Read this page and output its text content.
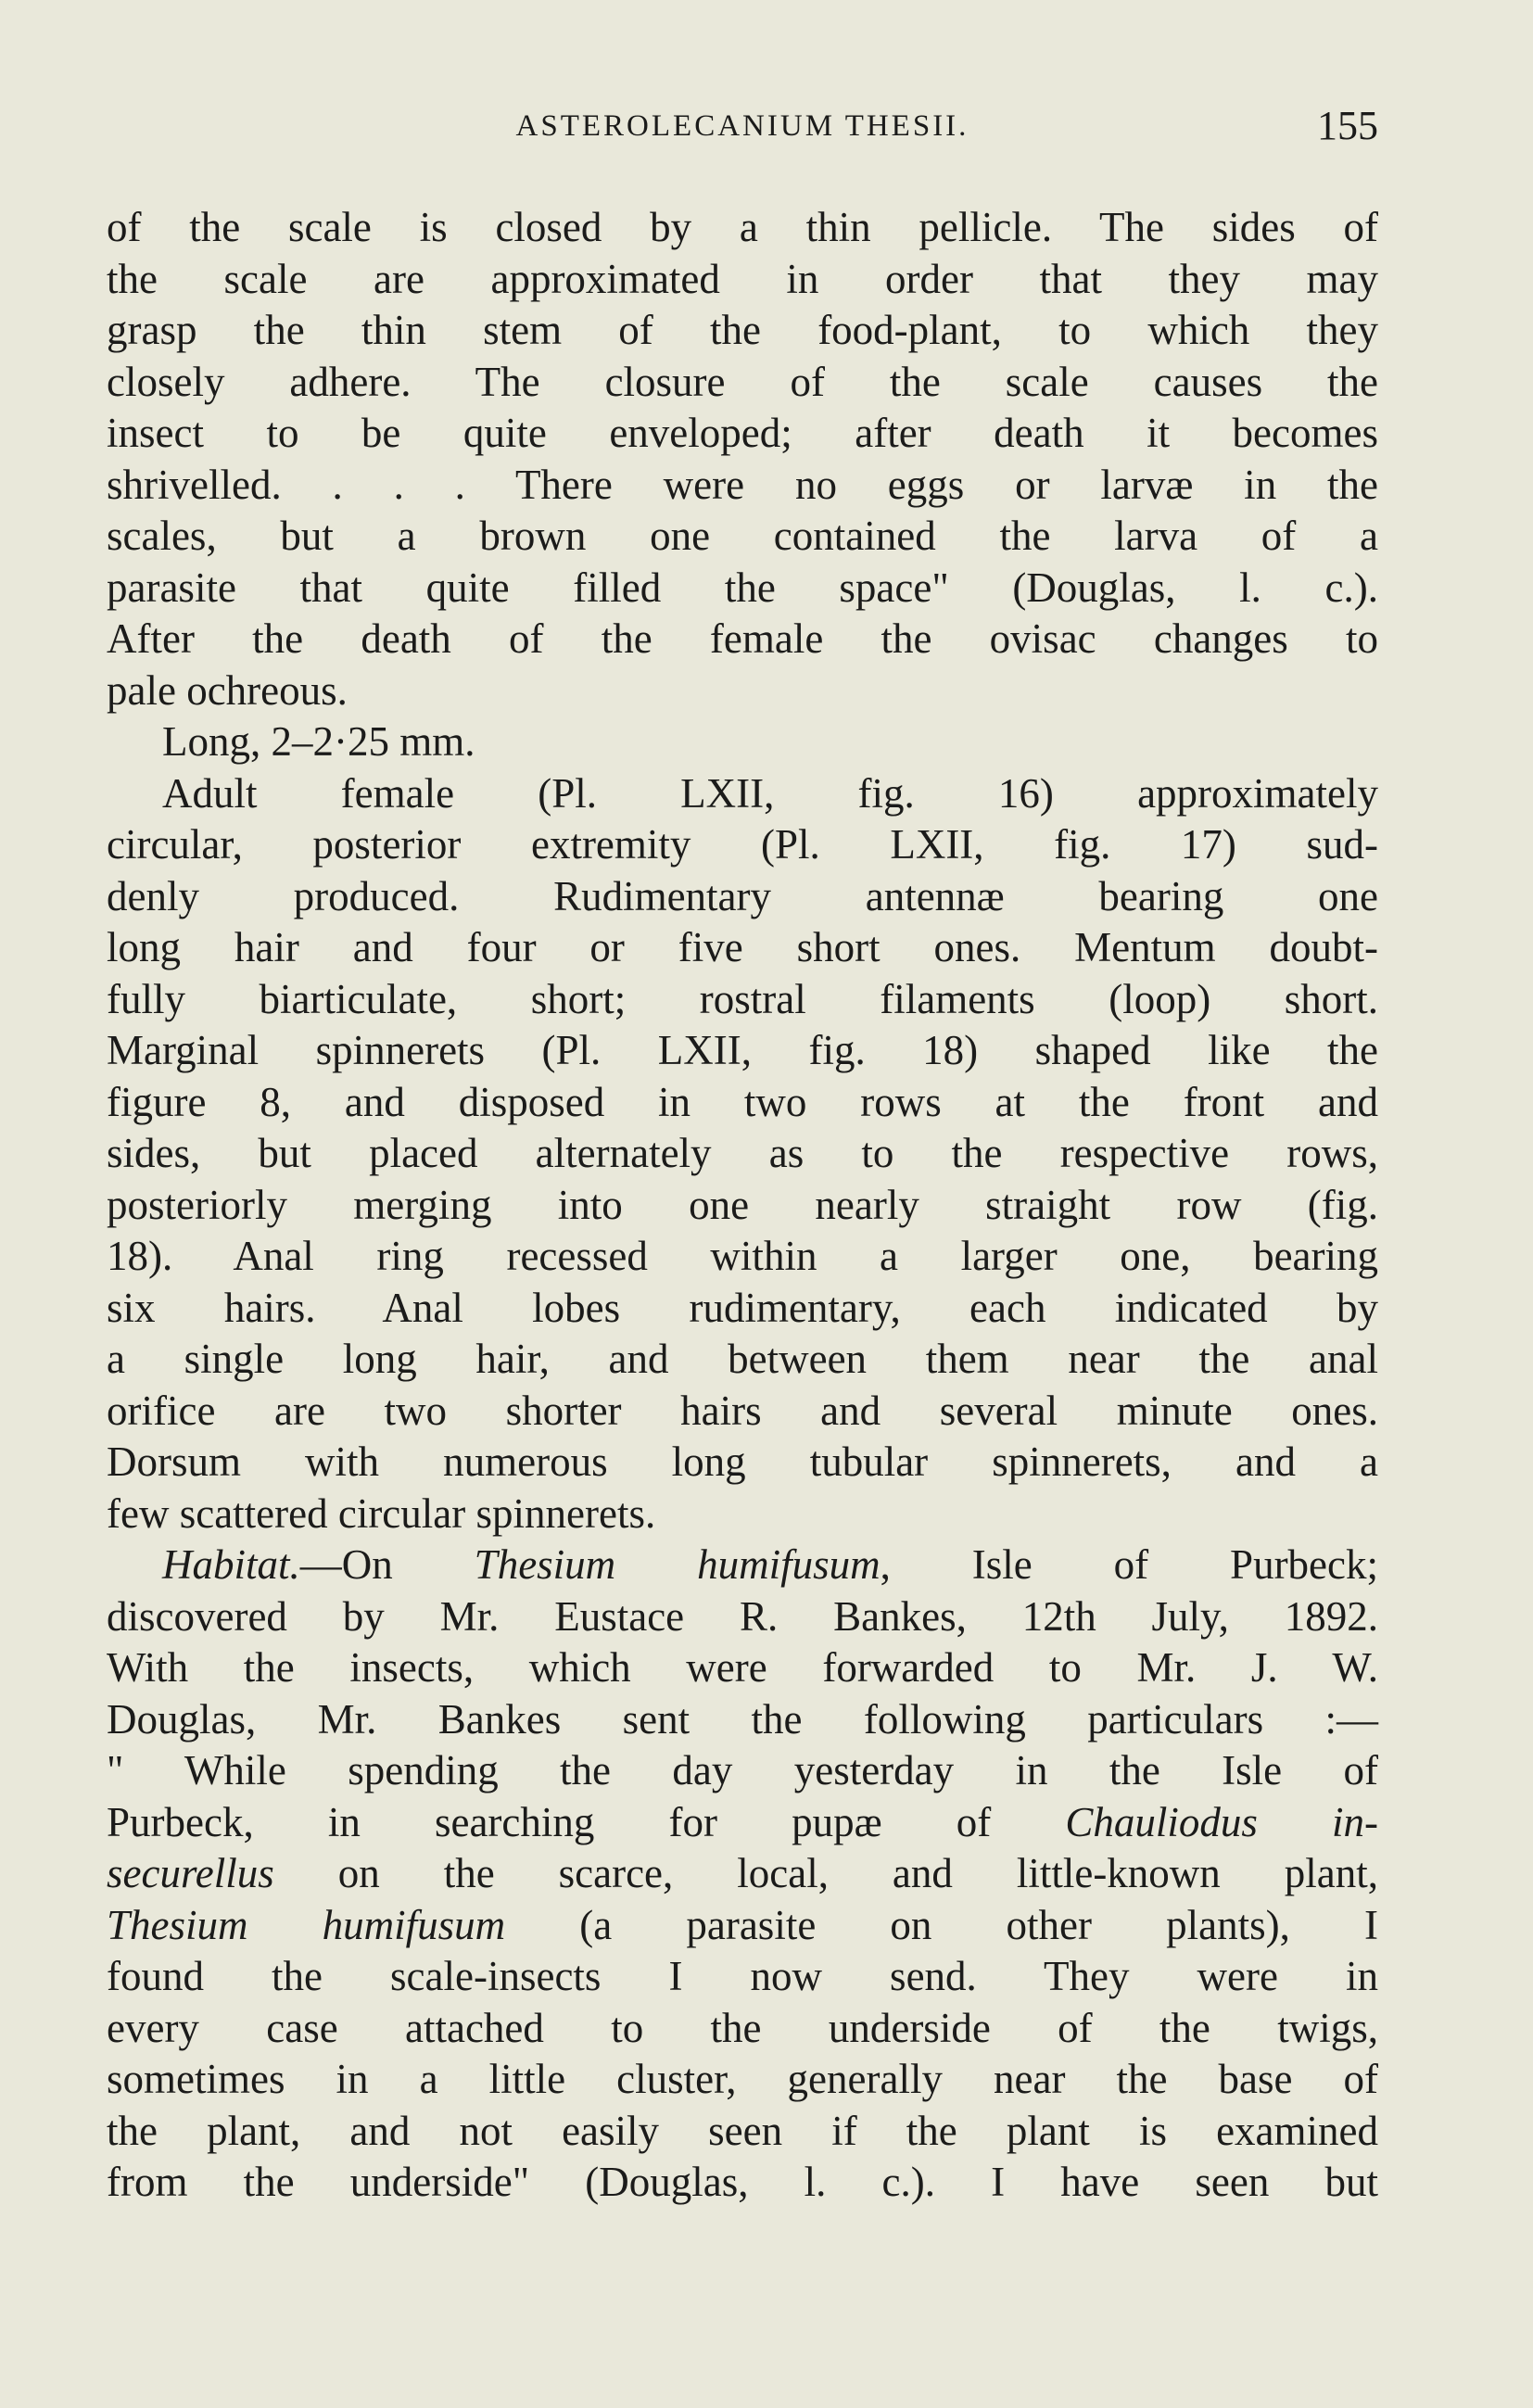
ASTEROLECANIUM THESII.	155
of the scale is closed by a thin pellicle. The sides of
the scale are approximated in order that they may
grasp the thin stem of the food-plant, to which they
closely adhere. The closure of the scale causes the
insect to be quite enveloped; after death it becomes
shrivelled. . . . There were no eggs or larvæ in the
scales, but a brown one contained the larva of a
parasite that quite filled the space" (Douglas, l. c.).
After the death of the female the ovisac changes to
pale ochreous.
Long, 2–2·25 mm.
Adult female (Pl. LXII, fig. 16) approximately
circular, posterior extremity (Pl. LXII, fig. 17) sud-
denly produced. Rudimentary antennæ bearing one
long hair and four or five short ones. Mentum doubt-
fully biarticulate, short; rostral filaments (loop) short.
Marginal spinnerets (Pl. LXII, fig. 18) shaped like the
figure 8, and disposed in two rows at the front and
sides, but placed alternately as to the respective rows,
posteriorly merging into one nearly straight row (fig.
18). Anal ring recessed within a larger one, bearing
six hairs. Anal lobes rudimentary, each indicated by
a single long hair, and between them near the anal
orifice are two shorter hairs and several minute ones.
Dorsum with numerous long tubular spinnerets, and a
few scattered circular spinnerets.
Habitat.—On Thesium humifusum, Isle of Purbeck;
discovered by Mr. Eustace R. Bankes, 12th July, 1892.
With the insects, which were forwarded to Mr. J. W.
Douglas, Mr. Bankes sent the following particulars :—
" While spending the day yesterday in the Isle of
Purbeck, in searching for pupæ of Chauliodus in-
securellus on the scarce, local, and little-known plant,
Thesium humifusum (a parasite on other plants), I
found the scale-insects I now send. They were in
every case attached to the underside of the twigs,
sometimes in a little cluster, generally near the base of
the plant, and not easily seen if the plant is examined
from the underside" (Douglas, l. c.). I have seen but
